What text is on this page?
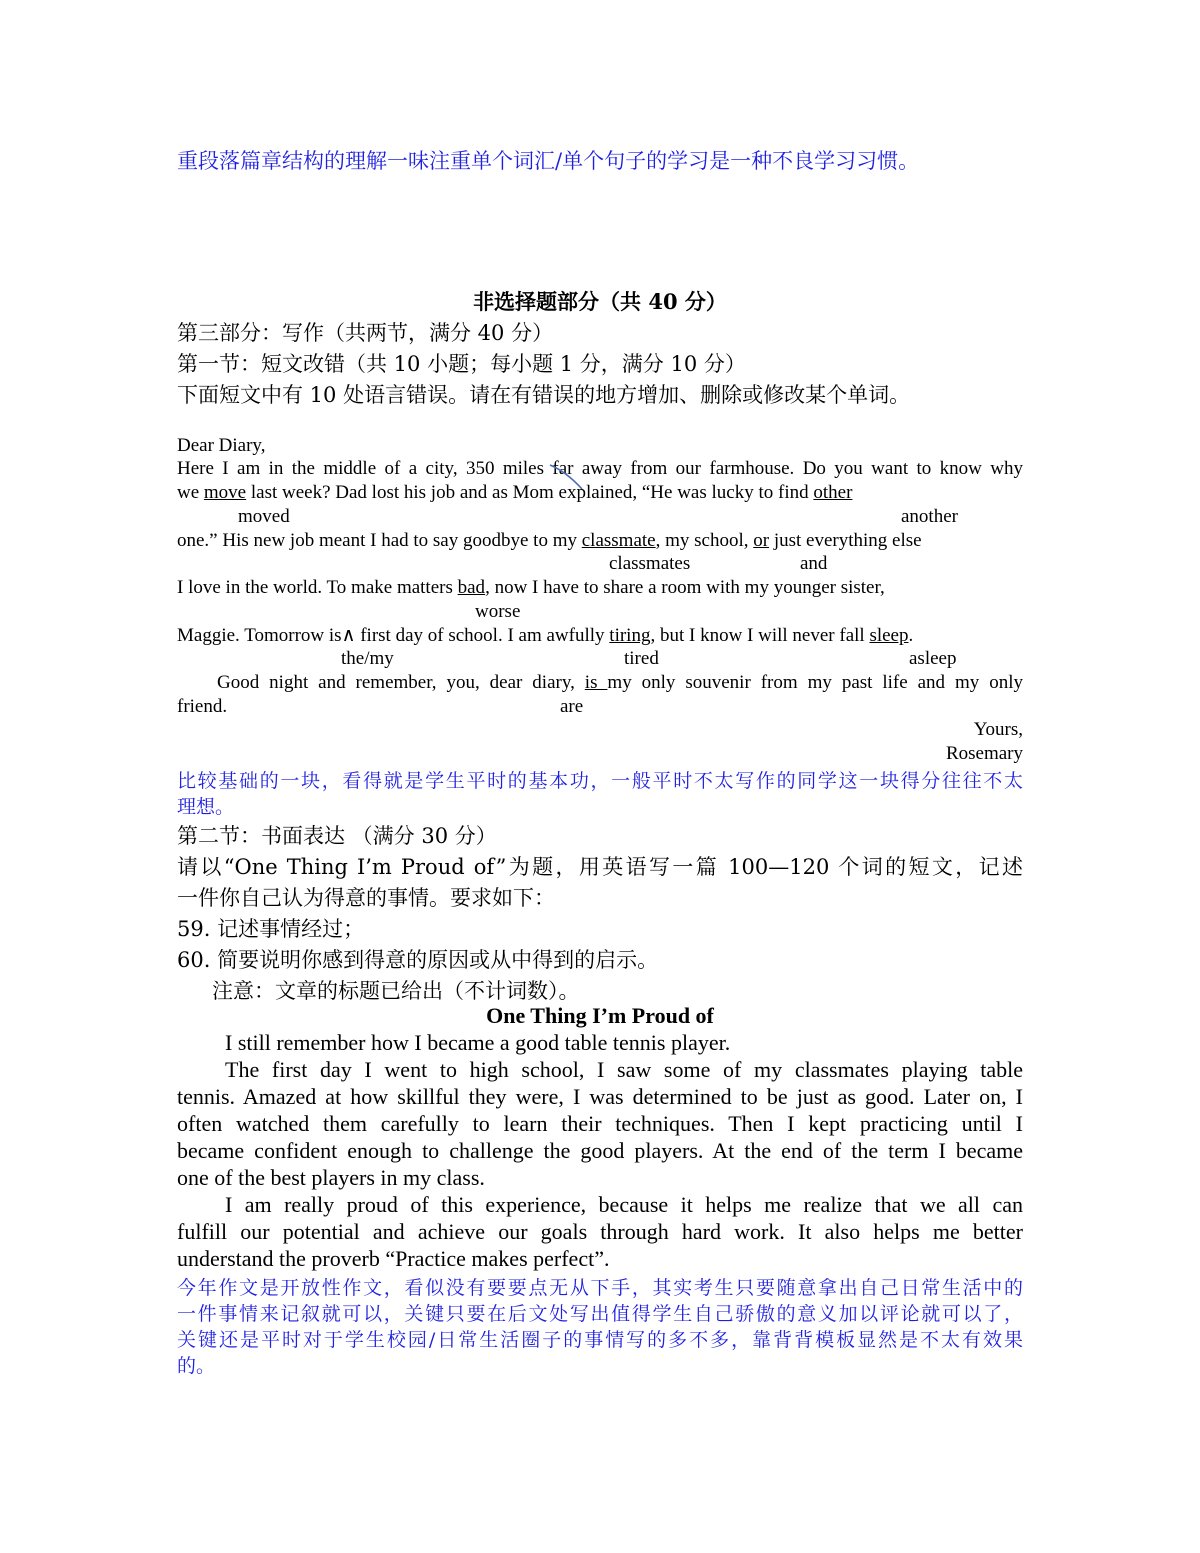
重段落篇章结构的理解一味注重单个词汇/单个句子的学习是一种不良学习习惯。
非选择题部分（共 40 分）
第三部分：写作（共两节，满分 40 分）
第一节：短文改错（共 10 小题；每小题 1 分，满分 10 分）
下面短文中有 10 处语言错误。请在有错误的地方增加、删除或修改某个单词。
Dear Diary,
Here I am in the middle of a city, 350 miles far away from our farmhouse. Do you want to know why
we move last week? Dad lost his job and as Mom explained, “He was lucky to find other
moved	another
one.” His new job meant I had to say goodbye to my classmate, my school, or just everything else
classmates	and
I love in the world. To make matters bad, now I have to share a room with my younger sister,
worse
Maggie. Tomorrow is∧ first day of school. I am awfully tiring, but I know I will never fall sleep.
the/my	tired	asleep
Good night and remember, you, dear diary, is my only souvenir from my past life and my only
friend.	are
Yours,
Rosemary
比较基础的一块，看得就是学生平时的基本功，一般平时不太写作的同学这一块得分往往不太
理想。
第二节：书面表达 （满分 30 分）
请以“One Thing I’m Proud of”为题，用英语写一篇 100—120 个词的短文，记述
一件你自己认为得意的事情。要求如下：
59. 记述事情经过；
60. 简要说明你感到得意的原因或从中得到的启示。
注意：文章的标题已给出（不计词数）。
One Thing I’m Proud of
I still remember how I became a good table tennis player.
The first day I went to high school, I saw some of my classmates playing table
tennis. Amazed at how skillful they were, I was determined to be just as good. Later on, I
often watched them carefully to learn their techniques. Then I kept practicing until I
became confident enough to challenge the good players. At the end of the term I became
one of the best players in my class.
I am really proud of this experience, because it helps me realize that we all can
fulfill our potential and achieve our goals through hard work. It also helps me better
understand the proverb “Practice makes perfect”.
今年作文是开放性作文，看似没有要要点无从下手，其实考生只要随意拿出自己日常生活中的
一件事情来记叙就可以，关键只要在后文处写出值得学生自己骄傲的意义加以评论就可以了，
关键还是平时对于学生校园/日常生活圈子的事情写的多不多，靠背背模板显然是不太有效果
的。
